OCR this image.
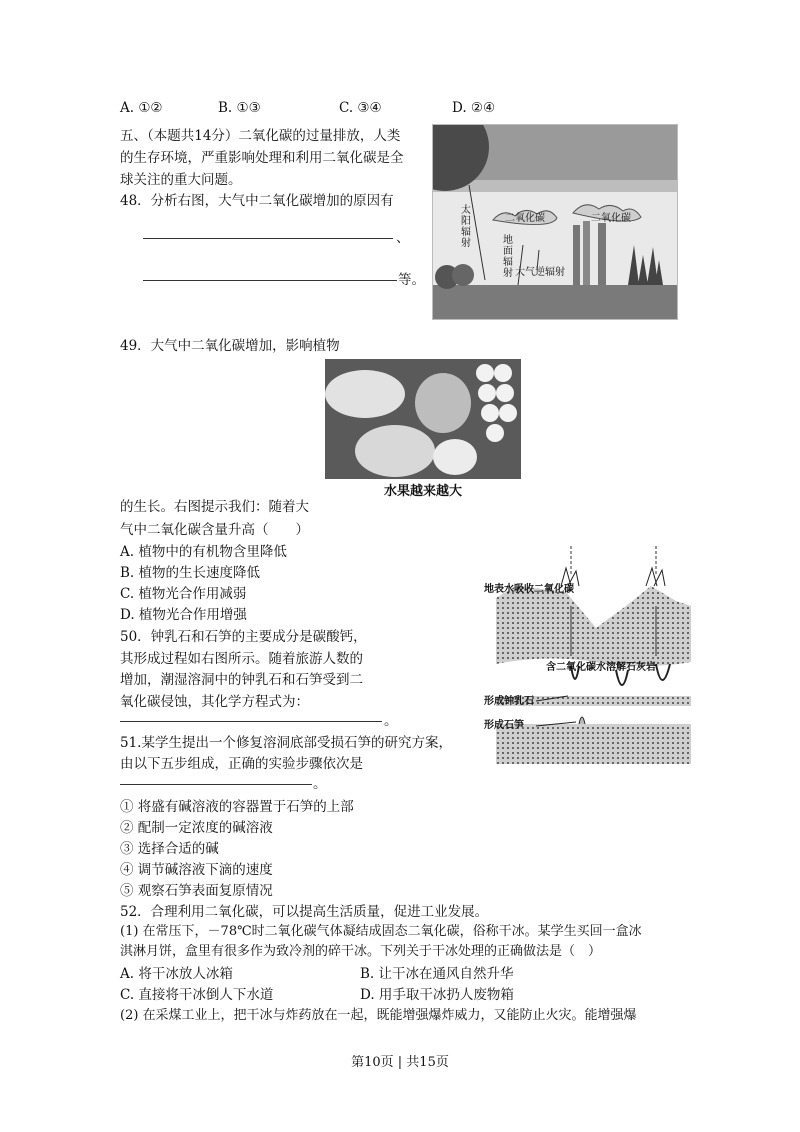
A. ①②	B. ①③	C. ③④	D. ②④
五、（本题共14分）二氧化碳的过量排放，人类
的生存环境，严重影响处理和利用二氧化碳是全
球关注的重大问题。
48．分析右图，大气中二氧化碳增加的原因有
、
等。
太阳辐射
二氧化碳
地面辐射
二氧化碳
大气逆辐射
49．大气中二氧化碳增加，影响植物
水果越来越大
的生长。右图提示我们：随着大
气中二氧化碳含量升高（　　）
A. 植物中的有机物含里降低
B. 植物的生长速度降低
C. 植物光合作用减弱
D. 植物光合作用增强
50．钟乳石和石笋的主要成分是碳酸钙，
其形成过程如右图所示。随着旅游人数的
增加，潮湿溶洞中的钟乳石和石笋受到二
氧化碳侵蚀，其化学方程式为：
。
地表水吸收二氧化碳
含二氧化碳水溶解石灰岩
形成钟乳石
形成石笋
51.某学生提出一个修复溶洞底部受损石笋的研究方案，
由以下五步组成，正确的实验步骤依次是
。
① 将盛有碱溶液的容器置于石笋的上部
② 配制一定浓度的碱溶液
③ 选择合适的碱
④ 调节碱溶液下滴的速度
⑤ 观察石笋表面复原情况
52．合理利用二氧化碳，可以提高生活质量，促进工业发展。
(1) 在常压下，－78℃时二氧化碳气体凝结成固态二氧化碳，俗称干冰。某学生买回一盒冰
淇淋月饼，盒里有很多作为致冷剂的碎干冰。下列关于干冰处理的正确做法是（　）
A. 将干冰放人冰箱	B. 让干冰在通风自然升华
C. 直接将干冰倒人下水道	D. 用手取干冰扔人废物箱
(2) 在采煤工业上，把干冰与炸药放在一起，既能增强爆炸威力，又能防止火灾。能增强爆
第10页 | 共15页
